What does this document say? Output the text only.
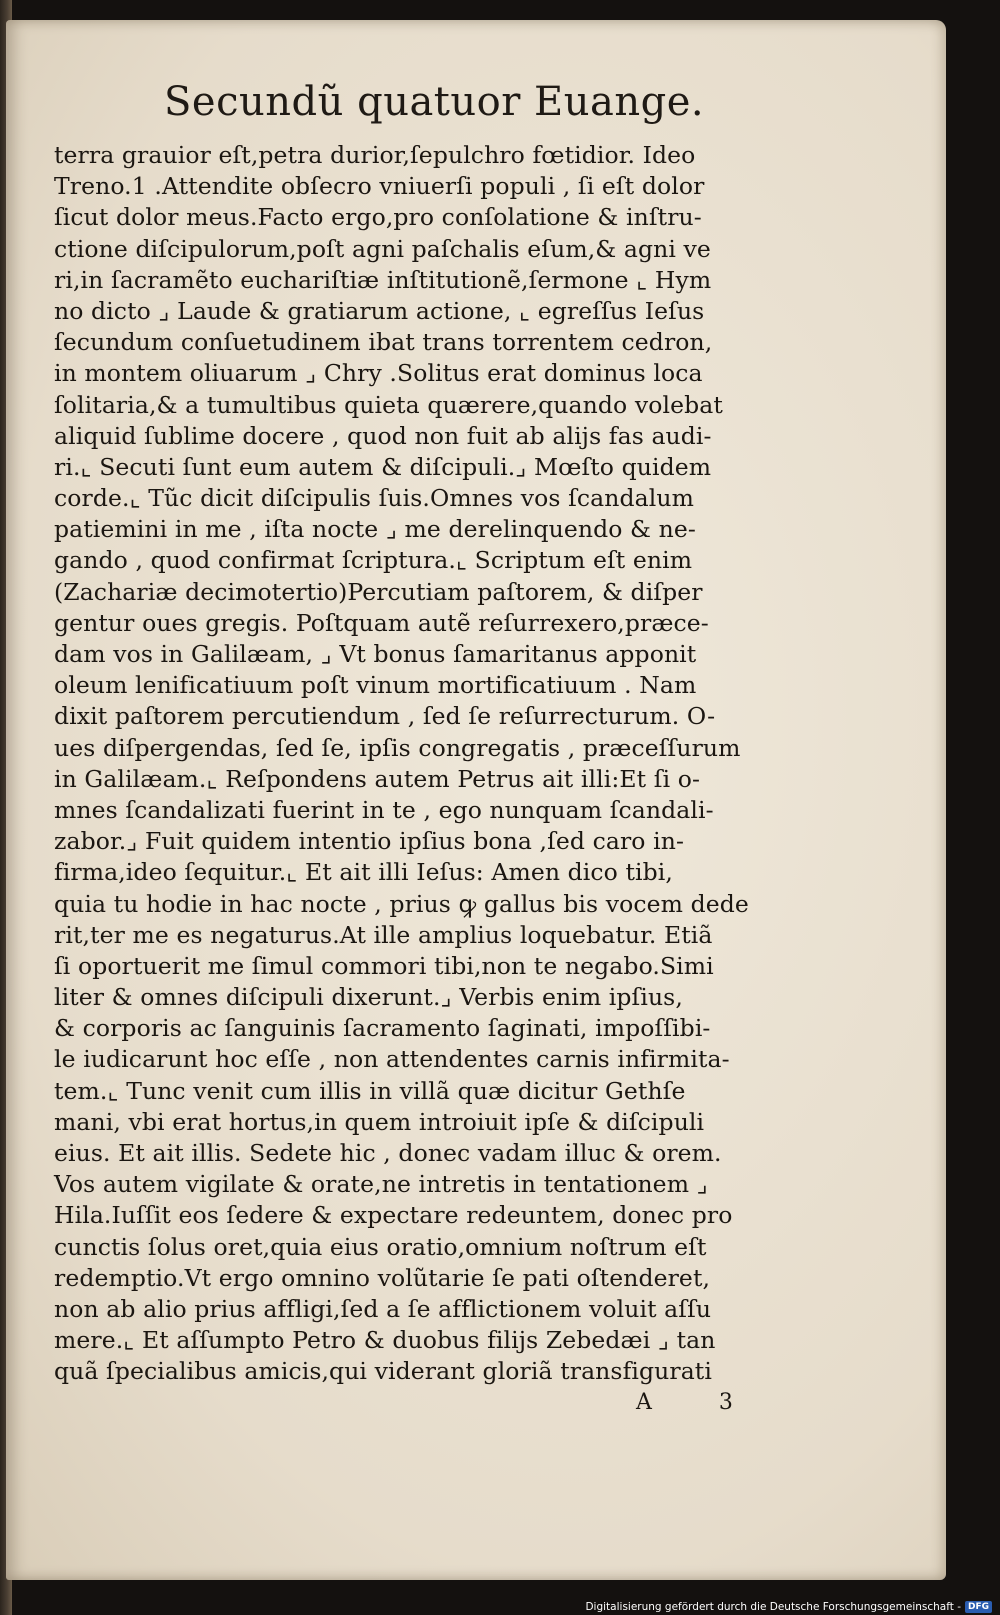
Secundũ quatuor Euange.
terra grauior eſt,petra durior,ſepulchro fœtidior. Ideo
Treno.1 .Attendite obſecro vniuerſi populi , ſi eſt dolor
ſicut dolor meus.Facto ergo,pro conſolatione & inſtru-
ctione diſcipulorum,poſt agni paſchalis eſum,& agni ve
ri,in ſacramẽto euchariſtiæ inſtitutionẽ,ſermone ⌞ Hym
no dicto ⌟ Laude & gratiarum actione, ⌞ egreſſus Ieſus
ſecundum conſuetudinem ibat trans torrentem cedron,
in montem oliuarum ⌟ Chry .Solitus erat dominus loca
ſolitaria,& a tumultibus quieta quærere,quando volebat
aliquid ſublime docere , quod non fuit ab alijs fas audi-
ri.⌞ Secuti ſunt eum autem & diſcipuli.⌟ Mœſto quidem
corde.⌞ Tũc dicit diſcipulis ſuis.Omnes vos ſcandalum
patiemini in me , iſta nocte ⌟ me derelinquendo & ne-
gando , quod confirmat ſcriptura.⌞ Scriptum eſt enim
(Zachariæ decimotertio)Percutiam paſtorem, & diſper
gentur oues gregis. Poſtquam autẽ reſurrexero,præce-
dam vos in Galilæam, ⌟ Vt bonus ſamaritanus apponit
oleum lenificatiuum poſt vinum mortificatiuum . Nam
dixit paſtorem percutiendum , ſed ſe reſurrecturum. O-
ues diſpergendas, ſed ſe, ipſis congregatis , præceſſurum
in Galilæam.⌞ Reſpondens autem Petrus ait illi:Et ſi o-
mnes ſcandalizati fuerint in te , ego nunquam ſcandali-
zabor.⌟ Fuit quidem intentio ipſius bona ,ſed caro in-
firma,ideo ſequitur.⌞ Et ait illi Ieſus: Amen dico tibi,
quia tu hodie in hac nocte , prius ꝙ gallus bis vocem dede
rit,ter me es negaturus.At ille amplius loquebatur. Etiã
ſi oportuerit me ſimul commori tibi,non te negabo.Simi
liter & omnes diſcipuli dixerunt.⌟ Verbis enim ipſius,
& corporis ac ſanguinis ſacramento ſaginati, impoſſibi-
le iudicarunt hoc eſſe , non attendentes carnis infirmita-
tem.⌞ Tunc venit cum illis in villã quæ dicitur Gethſe
mani, vbi erat hortus,in quem introiuit ipſe & diſcipuli
eius. Et ait illis. Sedete hic , donec vadam illuc & orem.
Vos autem vigilate & orate,ne intretis in tentationem ⌟
Hila.Iuſſit eos ſedere & expectare redeuntem, donec pro
cunctis ſolus oret,quia eius oratio,omnium noſtrum eſt
redemptio.Vt ergo omnino volũtarie ſe pati oſtenderet,
non ab alio prius affligi,ſed a ſe afflictionem voluit aſſu
mere.⌞ Et aſſumpto Petro & duobus filijs Zebedæi ⌟ tan
quã ſpecialibus amicis,qui viderant gloriã transfigurati
A 3
Digitalisierung gefördert durch die Deutsche Forschungsgemeinschaft - DFG
